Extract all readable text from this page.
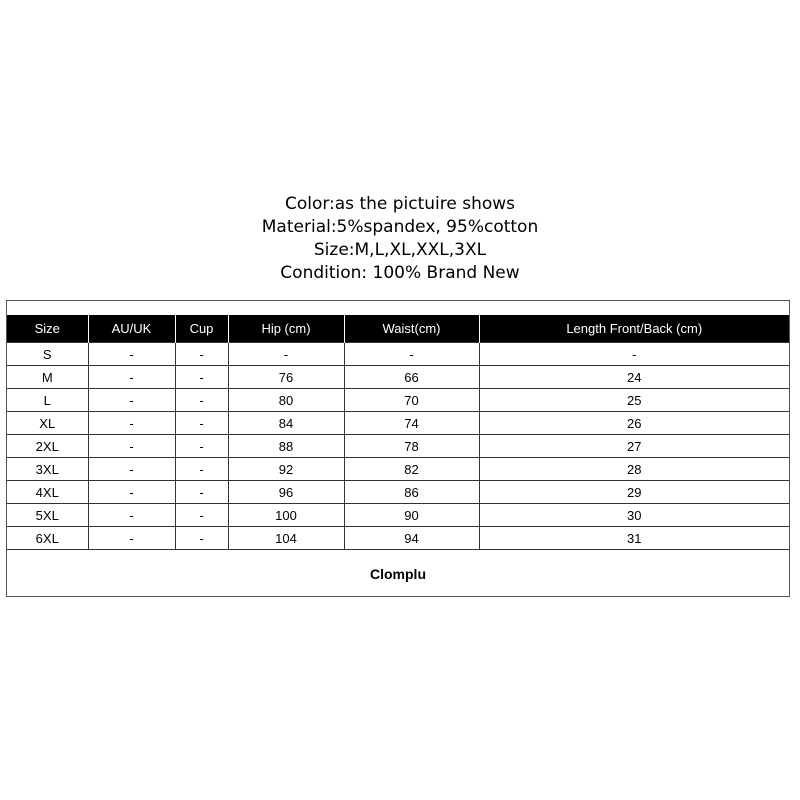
Color:as the pictuire shows
Material:5%spandex, 95%cotton
Size:M,L,XL,XXL,3XL
Condition: 100% Brand New
Size	AU/UK	Cup	Hip (cm)	Waist(cm)	Length Front/Back (cm)
S	-	-	-	-	-
M	-	-	76	66	24
L	-	-	80	70	25
XL	-	-	84	74	26
2XL	-	-	88	78	27
3XL	-	-	92	82	28
4XL	-	-	96	86	29
5XL	-	-	100	90	30
6XL	-	-	104	94	31
Clomplu
